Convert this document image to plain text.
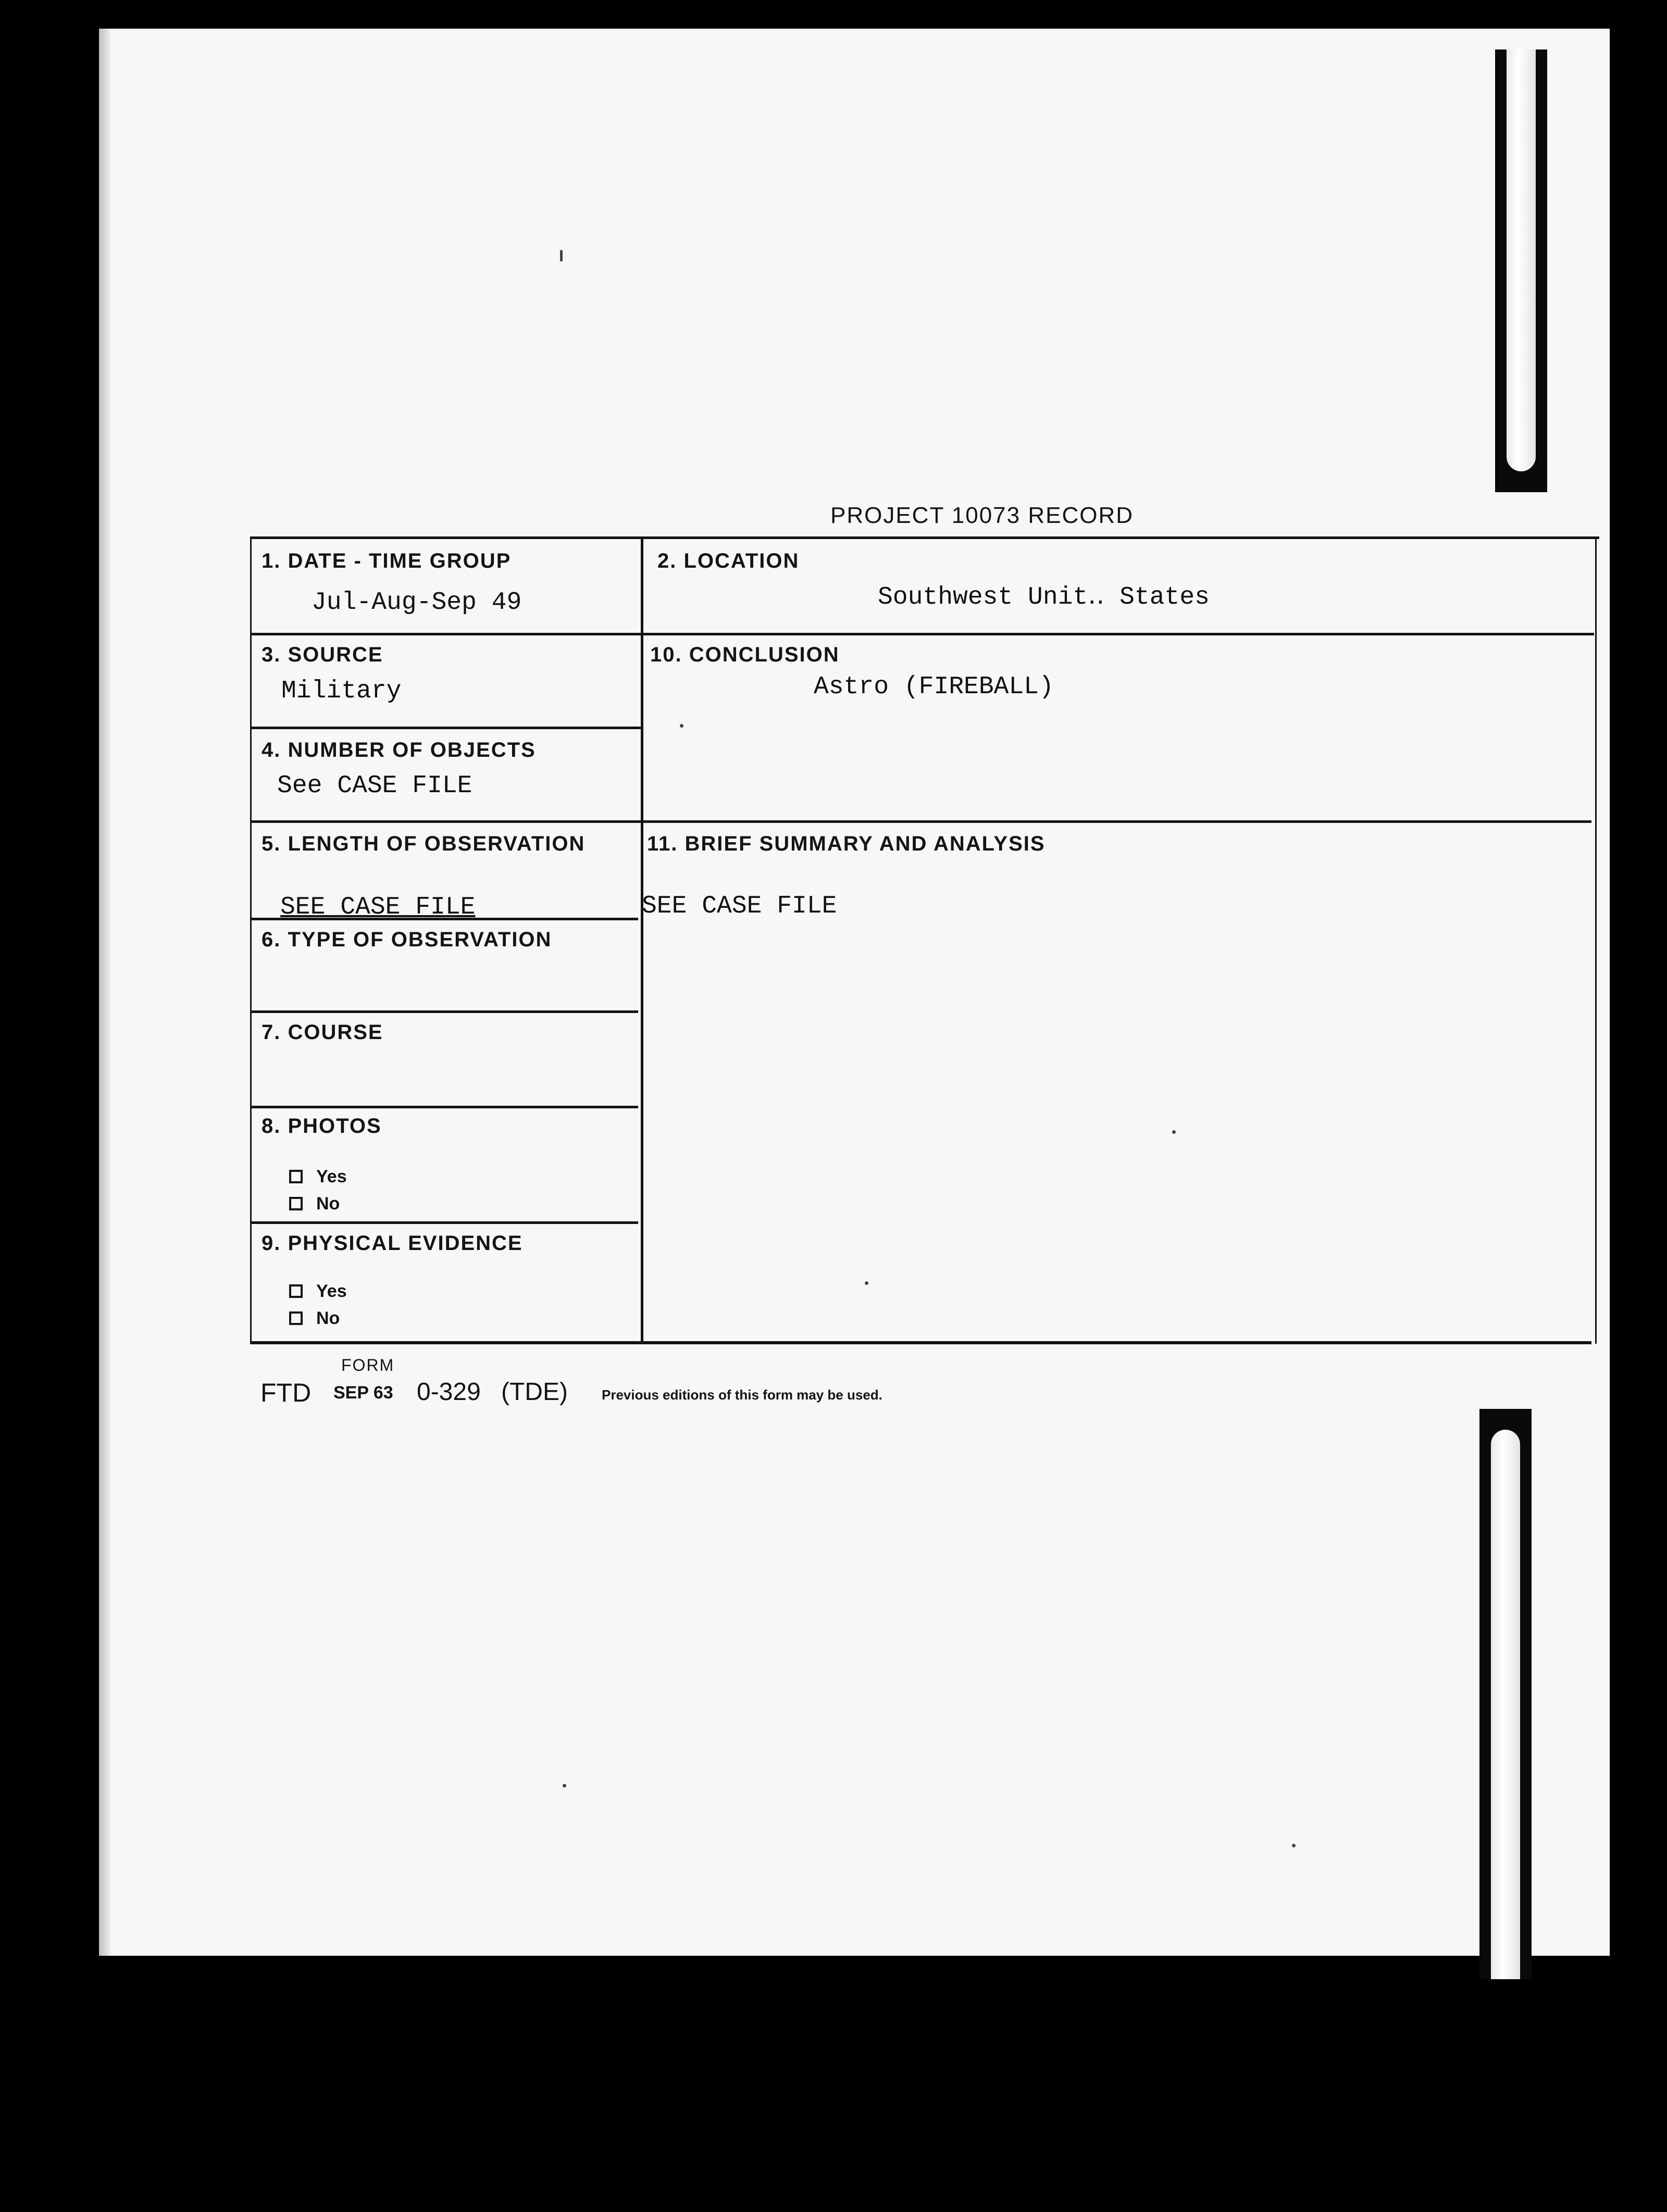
PROJECT 10073 RECORD
1. DATE - TIME GROUP
Jul-Aug-Sep 49
2. LOCATION
Southwest Unit‥ States
3. SOURCE
Military
10. CONCLUSION
Astro (FIREBALL)
4. NUMBER OF OBJECTS
See CASE FILE
5. LENGTH OF OBSERVATION
SEE CASE FILE
11. BRIEF SUMMARY AND ANALYSIS
SEE CASE FILE
6. TYPE OF OBSERVATION
7. COURSE
8. PHOTOS
Yes
No
9. PHYSICAL EVIDENCE
Yes
No
FORM
FTD SEP 63 0-329 (TDE)	Previous editions of this form may be used.
